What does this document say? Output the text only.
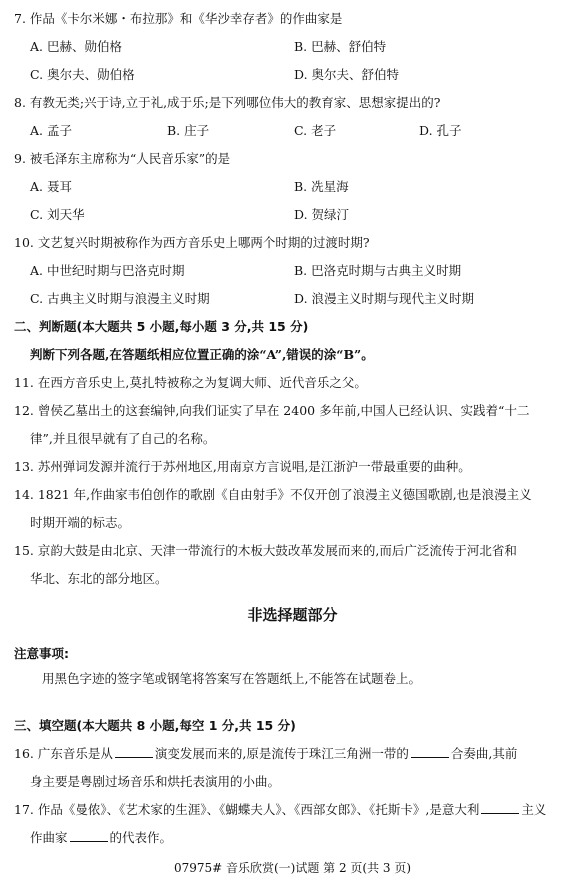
7. 作品《卡尔米娜・布拉那》和《华沙幸存者》的作曲家是
A. 巴赫、勋伯格	B. 巴赫、舒伯特
C. 奥尔夫、勋伯格	D. 奥尔夫、舒伯特
8. 有教无类;兴于诗,立于礼,成于乐;是下列哪位伟大的教育家、思想家提出的?
A. 孟子	B. 庄子	C. 老子	D. 孔子
9. 被毛泽东主席称为“人民音乐家”的是
A. 聂耳	B. 冼星海
C. 刘天华	D. 贺绿汀
10. 文艺复兴时期被称作为西方音乐史上哪两个时期的过渡时期?
A. 中世纪时期与巴洛克时期	B. 巴洛克时期与古典主义时期
C. 古典主义时期与浪漫主义时期	D. 浪漫主义时期与现代主义时期
二、判断题(本大题共 5 小题,每小题 3 分,共 15 分)
判断下列各题,在答题纸相应位置正确的涂“A”,错误的涂“B”。
11. 在西方音乐史上,莫扎特被称之为复调大师、近代音乐之父。
12. 曾侯乙墓出土的这套编钟,向我们证实了早在 2400 多年前,中国人已经认识、实践着“十二
律”,并且很早就有了自己的名称。
13. 苏州弹词发源并流行于苏州地区,用南京方言说唱,是江浙沪一带最重要的曲种。
14. 1821 年,作曲家韦伯创作的歌剧《自由射手》不仅开创了浪漫主义德国歌剧,也是浪漫主义
时期开端的标志。
15. 京韵大鼓是由北京、天津一带流行的木板大鼓改革发展而来的,而后广泛流传于河北省和
华北、东北的部分地区。
非选择题部分
注意事项:
用黑色字迹的签字笔或钢笔将答案写在答题纸上,不能答在试题卷上。
三、填空题(本大题共 8 小题,每空 1 分,共 15 分)
16. 广东音乐是从	演变发展而来的,原是流传于珠江三角洲一带的	合奏曲,其前
身主要是粤剧过场音乐和烘托表演用的小曲。
17. 作品《曼侬》、《艺术家的生涯》、《蝴蝶夫人》、《西部女郎》、《托斯卡》,是意大利	主义
作曲家	的代表作。
07975# 音乐欣赏(一)试题 第 2 页(共 3 页)
